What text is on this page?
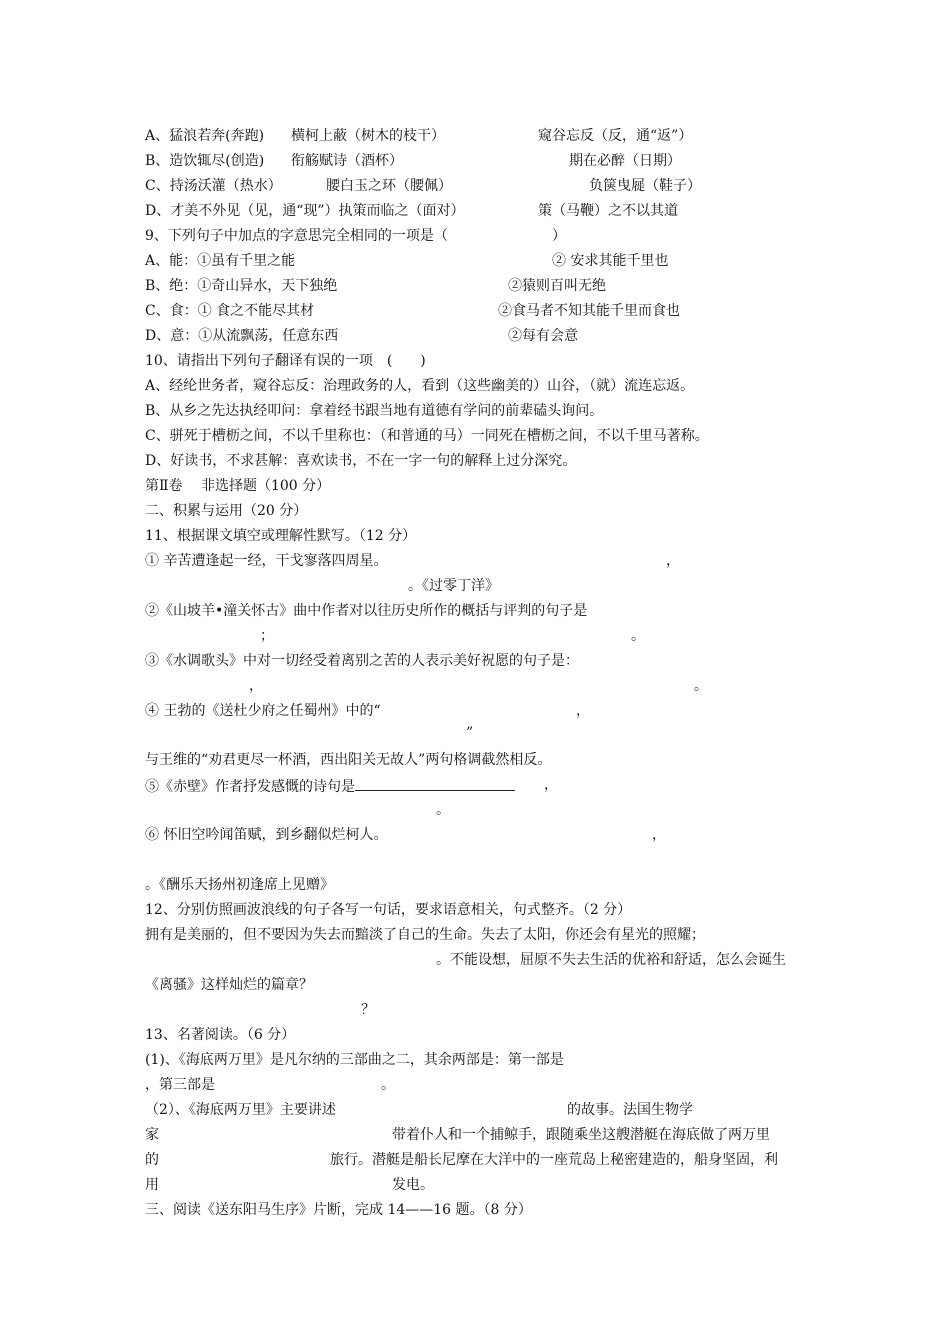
A、猛浪若奔(奔跑) 横柯上蔽（树木的枝干）	窥谷忘反（反，通“返”）
B、造饮辄尽(创造) 衔觞赋诗（酒杯）	期在必醉（日期）
C、持汤沃灌（热水）	腰白玉之环（腰佩）	负箧曳屣（鞋子）
D、才美不外见（见，通“现”）执策而临之（面对）	策（马鞭）之不以其道
9、下列句子中加点的字意思完全相同的一项是（	）
A、能：①虽有千里之能	② 安求其能千里也
B、绝：①奇山异水，天下独绝	②猿则百叫无绝
C、食：① 食之不能尽其材	②食马者不知其能千里而食也
D、意：①从流飘荡，任意东西	②每有会意
10、请指出下列句子翻译有误的一项　(　　)
A、经纶世务者，窥谷忘反：治理政务的人，看到（这些幽美的）山谷，（就）流连忘返。
B、从乡之先达执经叩问：拿着经书跟当地有道德有学问的前辈磕头询问。
C、骈死于槽枥之间，不以千里称也：（和普通的马）一同死在槽枥之间，不以千里马著称。
D、好读书，不求甚解：喜欢读书，不在一字一句的解释上过分深究。
第Ⅱ卷　 非选择题（100 分）
二、积累与运用（20 分）
11、根据课文填空或理解性默写。（12 分）
① 辛苦遭逢起一经，干戈寥落四周星。	，
。《过零丁洋》
②《山坡羊•潼关怀古》曲中作者对以往历史所作的概括与评判的句子是
；	。
③《水调歌头》中对一切经受着离别之苦的人表示美好祝愿的句子是：
，	。
④ 王勃的《送杜少府之任蜀州》中的“	，
”
与王维的“劝君更尽一杯酒，西出阳关无故人”两句格调截然相反。
⑤《赤壁》作者抒发感慨的诗句是	，
。
⑥ 怀旧空吟闻笛赋，到乡翻似烂柯人。	，
。《酬乐天扬州初逢席上见赠》
12、分别仿照画波浪线的句子各写一句话，要求语意相关，句式整齐。（2 分）
拥有是美丽的，但不要因为失去而黯淡了自己的生命。失去了太阳，你还会有星光的照耀；
。不能设想，屈原不失去生活的优裕和舒适，怎么会诞生
《离骚》这样灿烂的篇章？
？
13、名著阅读。（6 分）
(1)、《海底两万里》是凡尔纳的三部曲之二，其余两部是：第一部是
，第三部是	。
（2）、《海底两万里》主要讲述	的故事。法国生物学
家	带着仆人和一个捕鲸手，跟随乘坐这艘潜艇在海底做了两万里
的	旅行。潜艇是船长尼摩在大洋中的一座荒岛上秘密建造的，船身坚固，利
用	发电。
三、阅读《送东阳马生序》片断，完成 14——16 题。（8 分）
